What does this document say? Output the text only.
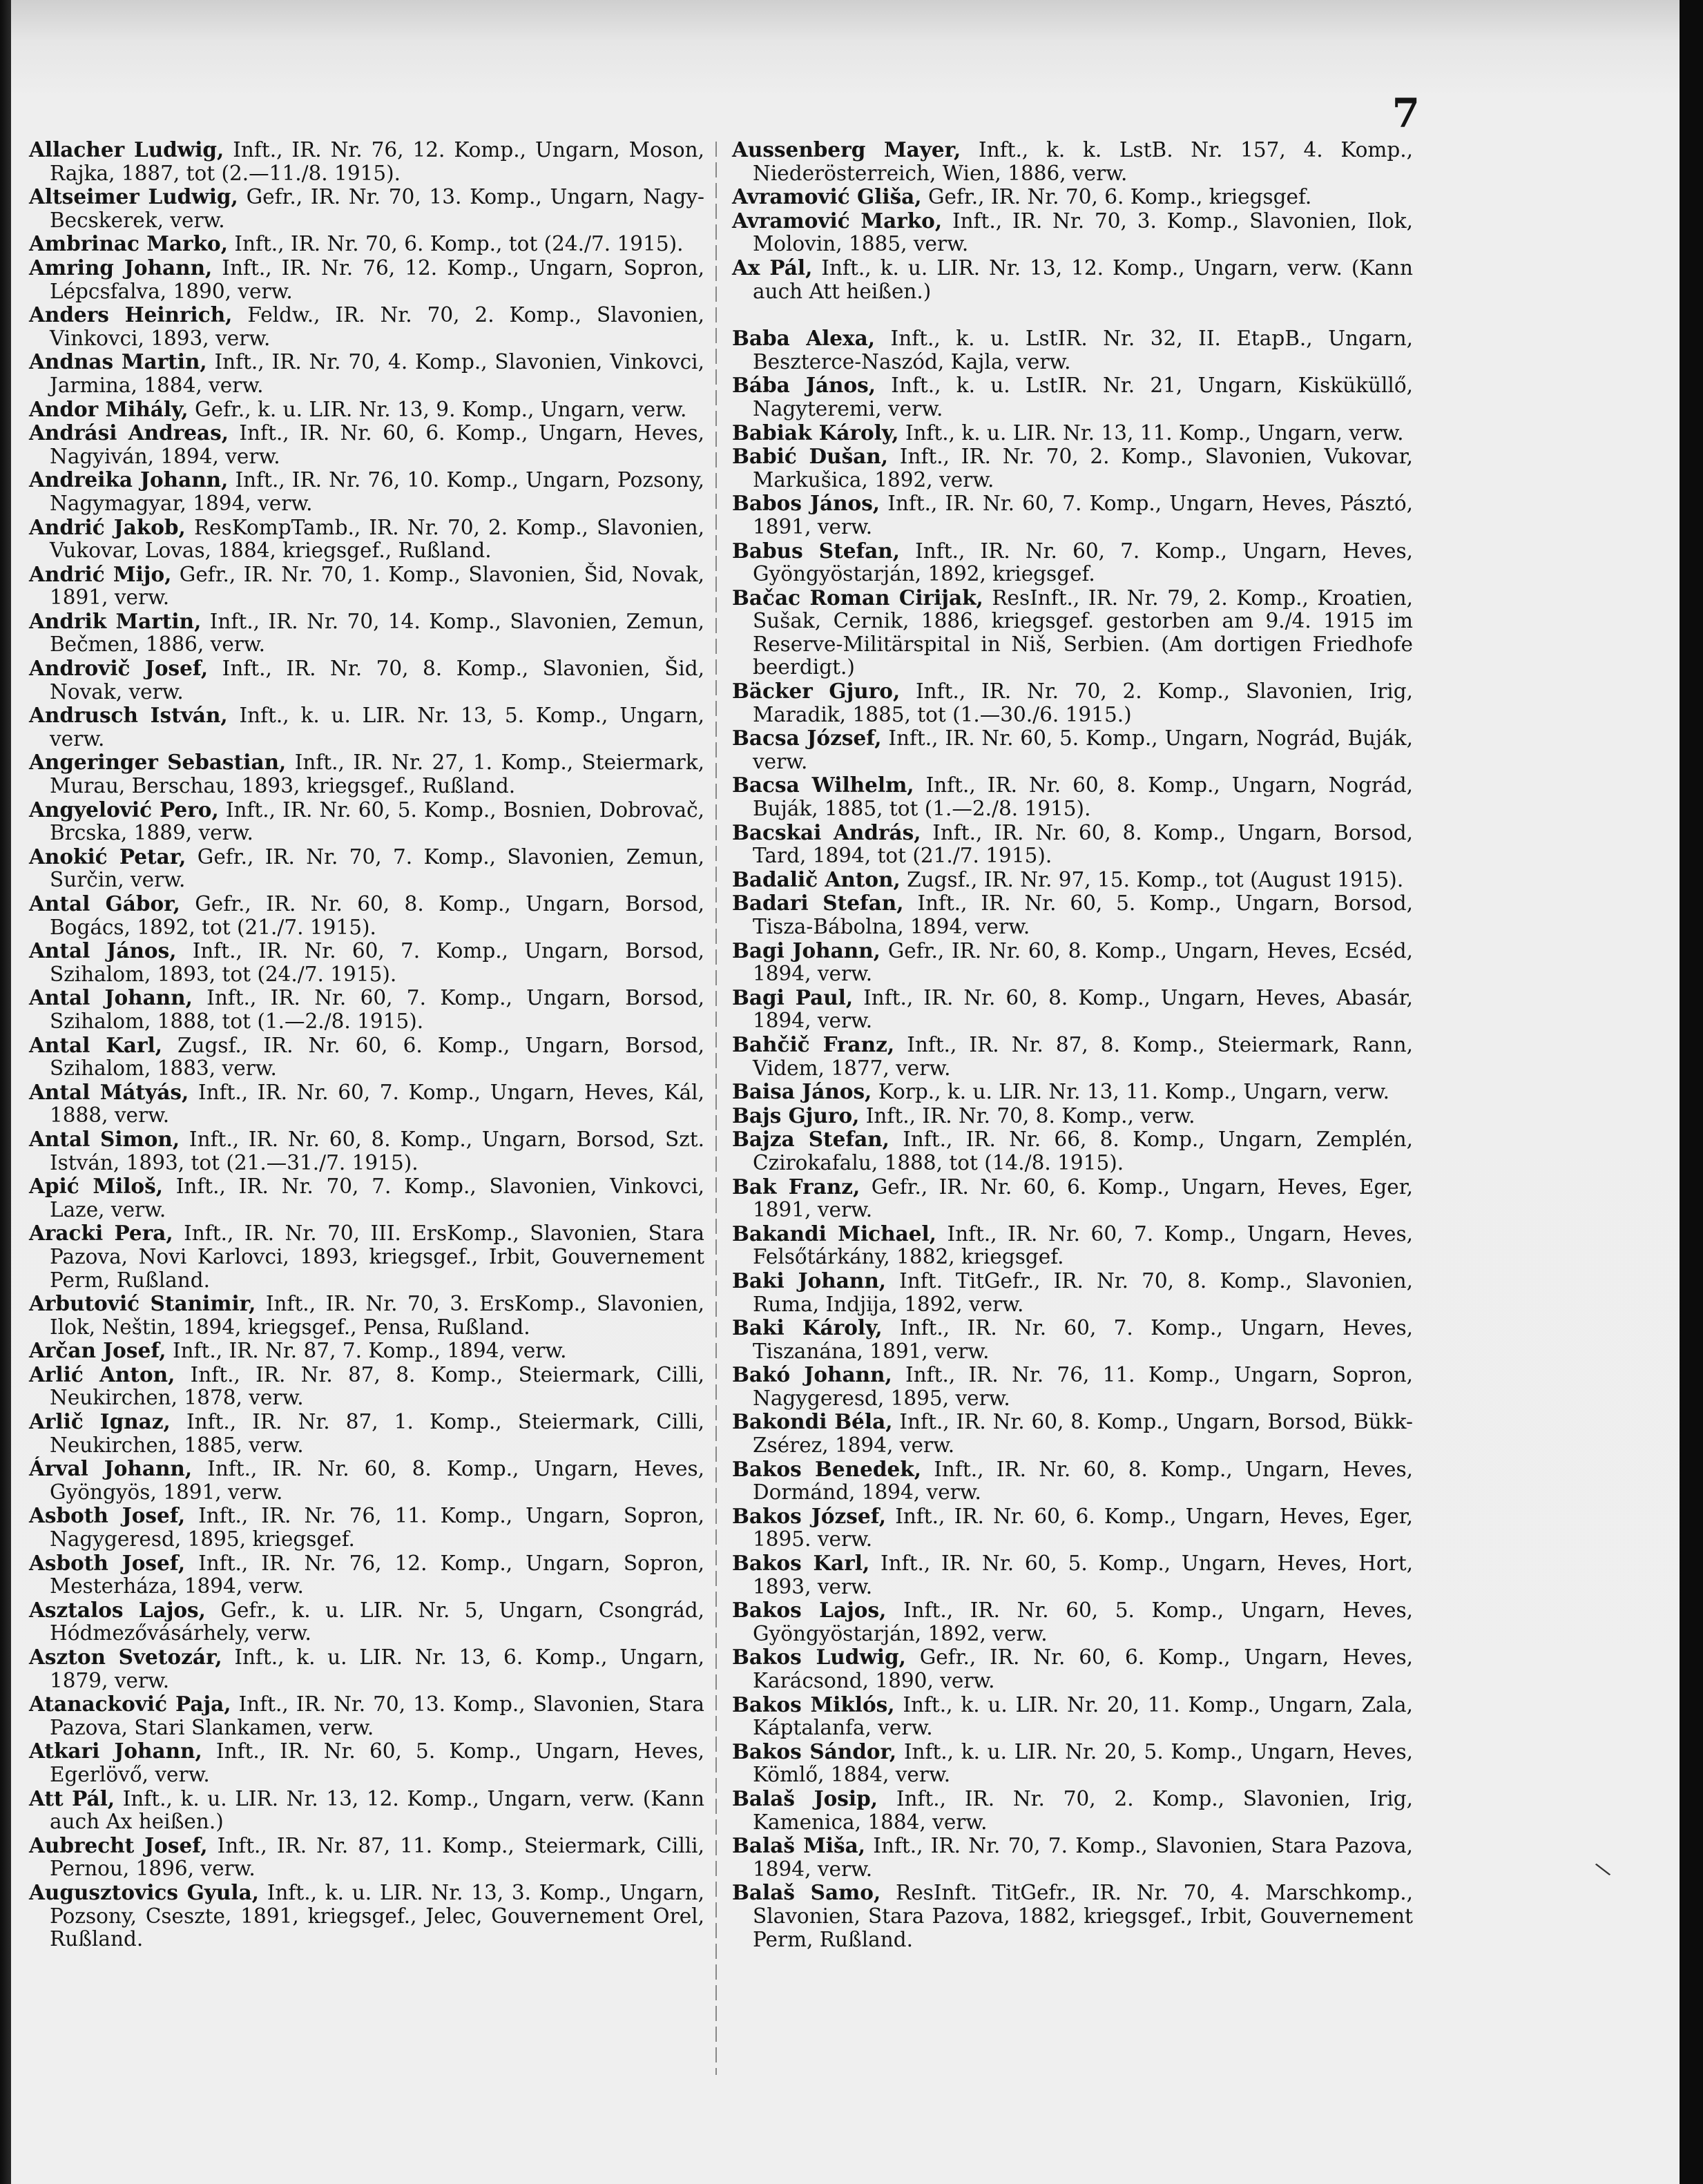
7

Allacher Ludwig, Inft., IR. Nr. 76, 12. Komp., Ungarn, Moson, Rajka, 1887, tot (2.—11./8. 1915).

Altseimer Ludwig, Gefr., IR. Nr. 70, 13. Komp., Ungarn, Nagy-Becskerek, verw.

Ambrinac Marko, Inft., IR. Nr. 70, 6. Komp., tot (24./7. 1915).

Amring Johann, Inft., IR. Nr. 76, 12. Komp., Ungarn, Sopron, Lépcsfalva, 1890, verw.

Anders Heinrich, Feldw., IR. Nr. 70, 2. Komp., Slavonien, Vinkovci, 1893, verw.

Andnas Martin, Inft., IR. Nr. 70, 4. Komp., Slavonien, Vinkovci, Jarmina, 1884, verw.

Andor Mihály, Gefr., k. u. LIR. Nr. 13, 9. Komp., Ungarn, verw.

Andrási Andreas, Inft., IR. Nr. 60, 6. Komp., Ungarn, Heves, Nagyiván, 1894, verw.

Andreika Johann, Inft., IR. Nr. 76, 10. Komp., Ungarn, Pozsony, Nagymagyar, 1894, verw.

Andrić Jakob, ResKompTamb., IR. Nr. 70, 2. Komp., Slavonien, Vukovar, Lovas, 1884, kriegsgef., Rußland.

Andrić Mijo, Gefr., IR. Nr. 70, 1. Komp., Slavonien, Šid, Novak, 1891, verw.

Andrik Martin, Inft., IR. Nr. 70, 14. Komp., Slavonien, Zemun, Bečmen, 1886, verw.

Androvič Josef, Inft., IR. Nr. 70, 8. Komp., Slavonien, Šid, Novak, verw.

Andrusch István, Inft., k. u. LIR. Nr. 13, 5. Komp., Ungarn, verw.

Angeringer Sebastian, Inft., IR. Nr. 27, 1. Komp., Steiermark, Murau, Berschau, 1893, kriegsgef., Rußland.

Angyelović Pero, Inft., IR. Nr. 60, 5. Komp., Bosnien, Dobrovač, Brcska, 1889, verw.

Anokić Petar, Gefr., IR. Nr. 70, 7. Komp., Slavonien, Zemun, Surčin, verw.

Antal Gábor, Gefr., IR. Nr. 60, 8. Komp., Ungarn, Borsod, Bogács, 1892, tot (21./7. 1915).

Antal János, Inft., IR. Nr. 60, 7. Komp., Ungarn, Borsod, Szihalom, 1893, tot (24./7. 1915).

Antal Johann, Inft., IR. Nr. 60, 7. Komp., Ungarn, Borsod, Szihalom, 1888, tot (1.—2./8. 1915).

Antal Karl, Zugsf., IR. Nr. 60, 6. Komp., Ungarn, Borsod, Szihalom, 1883, verw.

Antal Mátyás, Inft., IR. Nr. 60, 7. Komp., Ungarn, Heves, Kál, 1888, verw.

Antal Simon, Inft., IR. Nr. 60, 8. Komp., Ungarn, Borsod, Szt. István, 1893, tot (21.—31./7. 1915).

Apić Miloš, Inft., IR. Nr. 70, 7. Komp., Slavonien, Vinkovci, Laze, verw.

Aracki Pera, Inft., IR. Nr. 70, III. ErsKomp., Slavonien, Stara Pazova, Novi Karlovci, 1893, kriegsgef., Irbit, Gouvernement Perm, Rußland.

Arbutović Stanimir, Inft., IR. Nr. 70, 3. ErsKomp., Slavonien, Ilok, Neštin, 1894, kriegsgef., Pensa, Rußland.

Arčan Josef, Inft., IR. Nr. 87, 7. Komp., 1894, verw.

Arlić Anton, Inft., IR. Nr. 87, 8. Komp., Steiermark, Cilli, Neukirchen, 1878, verw.

Arlič Ignaz, Inft., IR. Nr. 87, 1. Komp., Steiermark, Cilli, Neukirchen, 1885, verw.

Árval Johann, Inft., IR. Nr. 60, 8. Komp., Ungarn, Heves, Gyöngyös, 1891, verw.

Asboth Josef, Inft., IR. Nr. 76, 11. Komp., Ungarn, Sopron, Nagygeresd, 1895, kriegsgef.

Asboth Josef, Inft., IR. Nr. 76, 12. Komp., Ungarn, Sopron, Mesterháza, 1894, verw.

Asztalos Lajos, Gefr., k. u. LIR. Nr. 5, Ungarn, Csongrád, Hódmezővásárhely, verw.

Aszton Svetozár, Inft., k. u. LIR. Nr. 13, 6. Komp., Ungarn, 1879, verw.

Atanacković Paja, Inft., IR. Nr. 70, 13. Komp., Slavonien, Stara Pazova, Stari Slankamen, verw.

Atkari Johann, Inft., IR. Nr. 60, 5. Komp., Ungarn, Heves, Egerlövő, verw.

Att Pál, Inft., k. u. LIR. Nr. 13, 12. Komp., Ungarn, verw. (Kann auch Ax heißen.)

Aubrecht Josef, Inft., IR. Nr. 87, 11. Komp., Steiermark, Cilli, Pernou, 1896, verw.

Augusztovics Gyula, Inft., k. u. LIR. Nr. 13, 3. Komp., Ungarn, Pozsony, Cseszte, 1891, kriegsgef., Jelec, Gouvernement Orel, Rußland.

Aussenberg Mayer, Inft., k. k. LstB. Nr. 157, 4. Komp., Niederösterreich, Wien, 1886, verw.

Avramović Gliša, Gefr., IR. Nr. 70, 6. Komp., kriegsgef.

Avramović Marko, Inft., IR. Nr. 70, 3. Komp., Slavonien, Ilok, Molovin, 1885, verw.

Ax Pál, Inft., k. u. LIR. Nr. 13, 12. Komp., Ungarn, verw. (Kann auch Att heißen.)

Baba Alexa, Inft., k. u. LstIR. Nr. 32, II. EtapB., Ungarn, Beszterce-Naszód, Kajla, verw.

Bába János, Inft., k. u. LstIR. Nr. 21, Ungarn, Kisküküllő, Nagyteremi, verw.

Babiak Károly, Inft., k. u. LIR. Nr. 13, 11. Komp., Ungarn, verw.

Babić Dušan, Inft., IR. Nr. 70, 2. Komp., Slavonien, Vukovar, Markušica, 1892, verw.

Babos János, Inft., IR. Nr. 60, 7. Komp., Ungarn, Heves, Pásztó, 1891, verw.

Babus Stefan, Inft., IR. Nr. 60, 7. Komp., Ungarn, Heves, Gyöngyöstarján, 1892, kriegsgef.

Bačac Roman Cirijak, ResInft., IR. Nr. 79, 2. Komp., Kroatien, Sušak, Cernik, 1886, kriegsgef. gestorben am 9./4. 1915 im Reserve-Militärspital in Niš, Serbien. (Am dortigen Friedhofe beerdigt.)

Bäcker Gjuro, Inft., IR. Nr. 70, 2. Komp., Slavonien, Irig, Maradik, 1885, tot (1.—30./6. 1915.)

Bacsa József, Inft., IR. Nr. 60, 5. Komp., Ungarn, Nográd, Buják, verw.

Bacsa Wilhelm, Inft., IR. Nr. 60, 8. Komp., Ungarn, Nográd, Buják, 1885, tot (1.—2./8. 1915).

Bacskai András, Inft., IR. Nr. 60, 8. Komp., Ungarn, Borsod, Tard, 1894, tot (21./7. 1915).

Badalič Anton, Zugsf., IR. Nr. 97, 15. Komp., tot (August 1915).

Badari Stefan, Inft., IR. Nr. 60, 5. Komp., Ungarn, Borsod, Tisza-Bábolna, 1894, verw.

Bagi Johann, Gefr., IR. Nr. 60, 8. Komp., Ungarn, Heves, Ecséd, 1894, verw.

Bagi Paul, Inft., IR. Nr. 60, 8. Komp., Ungarn, Heves, Abasár, 1894, verw.

Bahčič Franz, Inft., IR. Nr. 87, 8. Komp., Steiermark, Rann, Videm, 1877, verw.

Baisa János, Korp., k. u. LIR. Nr. 13, 11. Komp., Ungarn, verw.

Bajs Gjuro, Inft., IR. Nr. 70, 8. Komp., verw.

Bajza Stefan, Inft., IR. Nr. 66, 8. Komp., Ungarn, Zemplén, Czirokafalu, 1888, tot (14./8. 1915).

Bak Franz, Gefr., IR. Nr. 60, 6. Komp., Ungarn, Heves, Eger, 1891, verw.

Bakandi Michael, Inft., IR. Nr. 60, 7. Komp., Ungarn, Heves, Felsőtárkány, 1882, kriegsgef.

Baki Johann, Inft. TitGefr., IR. Nr. 70, 8. Komp., Slavonien, Ruma, Indjija, 1892, verw.

Baki Károly, Inft., IR. Nr. 60, 7. Komp., Ungarn, Heves, Tiszanána, 1891, verw.

Bakó Johann, Inft., IR. Nr. 76, 11. Komp., Ungarn, Sopron, Nagygeresd, 1895, verw.

Bakondi Béla, Inft., IR. Nr. 60, 8. Komp., Ungarn, Borsod, Bükk-Zsérez, 1894, verw.

Bakos Benedek, Inft., IR. Nr. 60, 8. Komp., Ungarn, Heves, Dormánd, 1894, verw.

Bakos József, Inft., IR. Nr. 60, 6. Komp., Ungarn, Heves, Eger, 1895. verw.

Bakos Karl, Inft., IR. Nr. 60, 5. Komp., Ungarn, Heves, Hort, 1893, verw.

Bakos Lajos, Inft., IR. Nr. 60, 5. Komp., Ungarn, Heves, Gyöngyöstarján, 1892, verw.

Bakos Ludwig, Gefr., IR. Nr. 60, 6. Komp., Ungarn, Heves, Karácsond, 1890, verw.

Bakos Miklós, Inft., k. u. LIR. Nr. 20, 11. Komp., Ungarn, Zala, Káptalanfa, verw.

Bakos Sándor, Inft., k. u. LIR. Nr. 20, 5. Komp., Ungarn, Heves, Kömlő, 1884, verw.

Balaš Josip, Inft., IR. Nr. 70, 2. Komp., Slavonien, Irig, Kamenica, 1884, verw.

Balaš Miša, Inft., IR. Nr. 70, 7. Komp., Slavonien, Stara Pazova, 1894, verw.

Balaš Samo, ResInft. TitGefr., IR. Nr. 70, 4. Marschkomp., Slavonien, Stara Pazova, 1882, kriegsgef., Irbit, Gouvernement Perm, Rußland.

\
